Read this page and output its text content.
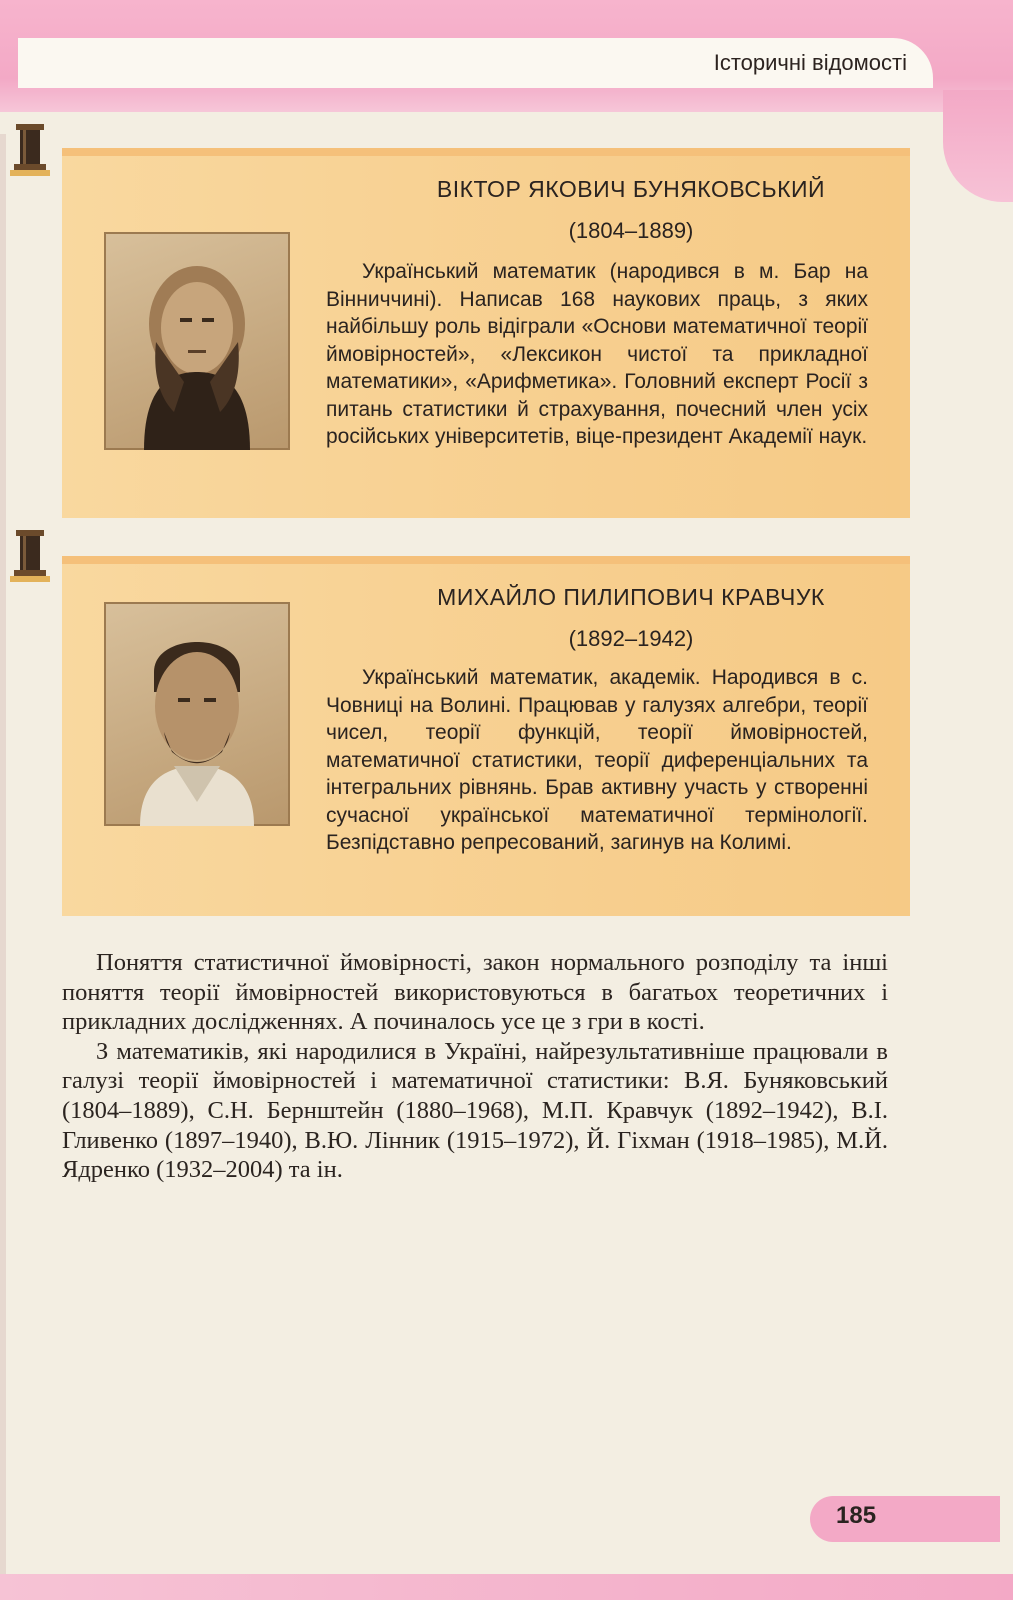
Історичні відомості
ВІКТОР ЯКОВИЧ БУНЯКОВСЬКИЙ
(1804–1889)

Український математик (народився в м. Бар на Вінниччині). Написав 168 наукових праць, з яких найбільшу роль відіграли «Основи математичної теорії ймовірностей», «Лексикон чистої та прикладної математики», «Арифметика». Головний експерт Росії з питань статистики й страхування, почесний член усіх російських університетів, віце-президент Академії наук.

МИХАЙЛО ПИЛИПОВИЧ КРАВЧУК
(1892–1942)

Український математик, академік. Народився в с. Човниці на Волині. Працював у галузях алгебри, теорії чисел, теорії функцій, теорії ймовірностей, математичної статистики, теорії диференціальних та інтегральних рівнянь. Брав активну участь у створенні сучасної української математичної термінології. Безпідставно репресований, загинув на Колимі.

Поняття статистичної ймовірності, закон нормального розподілу та інші поняття теорії ймовірностей використовуються в багатьох теоретичних і прикладних дослідженнях. А починалось усе це з гри в кості.

З математиків, які народилися в Україні, найрезультативніше працювали в галузі теорії ймовірностей і математичної статистики: В.Я. Буняковський (1804–1889), С.Н. Бернштейн (1880–1968), М.П. Кравчук (1892–1942), В.І. Гливенко (1897–1940), В.Ю. Лінник (1915–1972), Й. Гіхман (1918–1985), М.Й. Ядренко (1932–2004) та ін.

185
